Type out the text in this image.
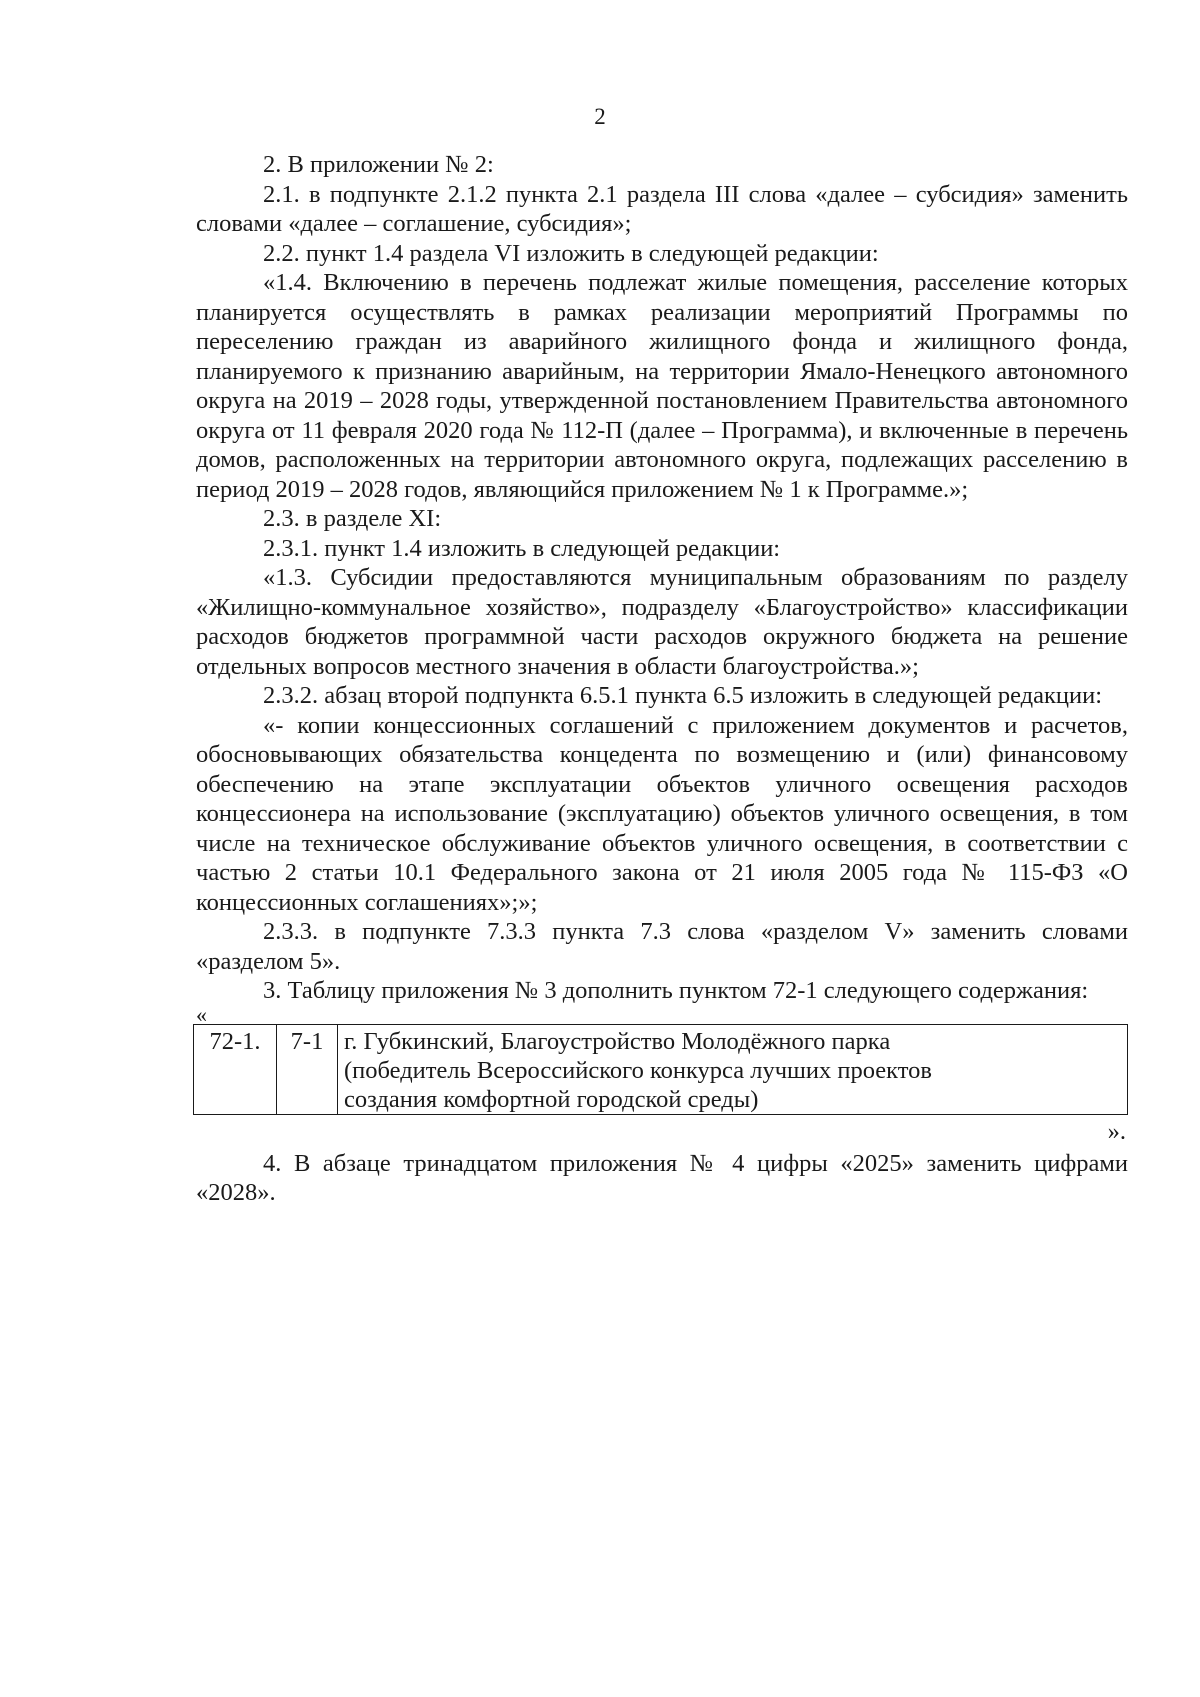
2

2. В приложении № 2:

2.1. в подпункте 2.1.2 пункта 2.1 раздела III слова «далее – субсидия» заменить словами «далее – соглашение, субсидия»;

2.2. пункт 1.4 раздела VI изложить в следующей редакции:

«1.4. Включению в перечень подлежат жилые помещения, расселение которых планируется осуществлять в рамках реализации мероприятий Программы по переселению граждан из аварийного жилищного фонда и жилищного фонда, планируемого к признанию аварийным, на территории Ямало-Ненецкого автономного округа на 2019 – 2028 годы, утвержденной постановлением Правительства автономного округа от 11 февраля 2020 года № 112-П (далее – Программа), и включенные в перечень домов, расположенных на территории автономного округа, подлежащих расселению в период 2019 – 2028 годов, являющийся приложением № 1 к Программе.»;

2.3. в разделе XI:

2.3.1. пункт 1.4 изложить в следующей редакции:

«1.3. Субсидии предоставляются муниципальным образованиям по разделу «Жилищно-коммунальное хозяйство», подразделу «Благоустройство» классификации расходов бюджетов программной части расходов окружного бюджета на решение отдельных вопросов местного значения в области благоустройства.»;

2.3.2. абзац второй подпункта 6.5.1 пункта 6.5 изложить в следующей редакции:

«- копии концессионных соглашений с приложением документов и расчетов, обосновывающих обязательства концедента по возмещению и (или) финансовому обеспечению на этапе эксплуатации объектов уличного освещения расходов концессионера на использование (эксплуатацию) объектов уличного освещения, в том числе на техническое обслуживание объектов уличного освещения, в соответствии с частью 2 статьи 10.1 Федерального закона от 21 июля 2005 года № 115-ФЗ «О концессионных соглашениях»;»;

2.3.3. в подпункте 7.3.3 пункта 7.3 слова «разделом V» заменить словами «разделом 5».

3. Таблицу приложения № 3 дополнить пунктом 72-1 следующего содержания:

«
72-1.	7-1	г. Губкинский, Благоустройство Молодёжного парка
(победитель Всероссийского конкурса лучших проектов
создания комфортной городской среды)
».

4. В абзаце тринадцатом приложения № 4 цифры «2025» заменить цифрами «2028».
